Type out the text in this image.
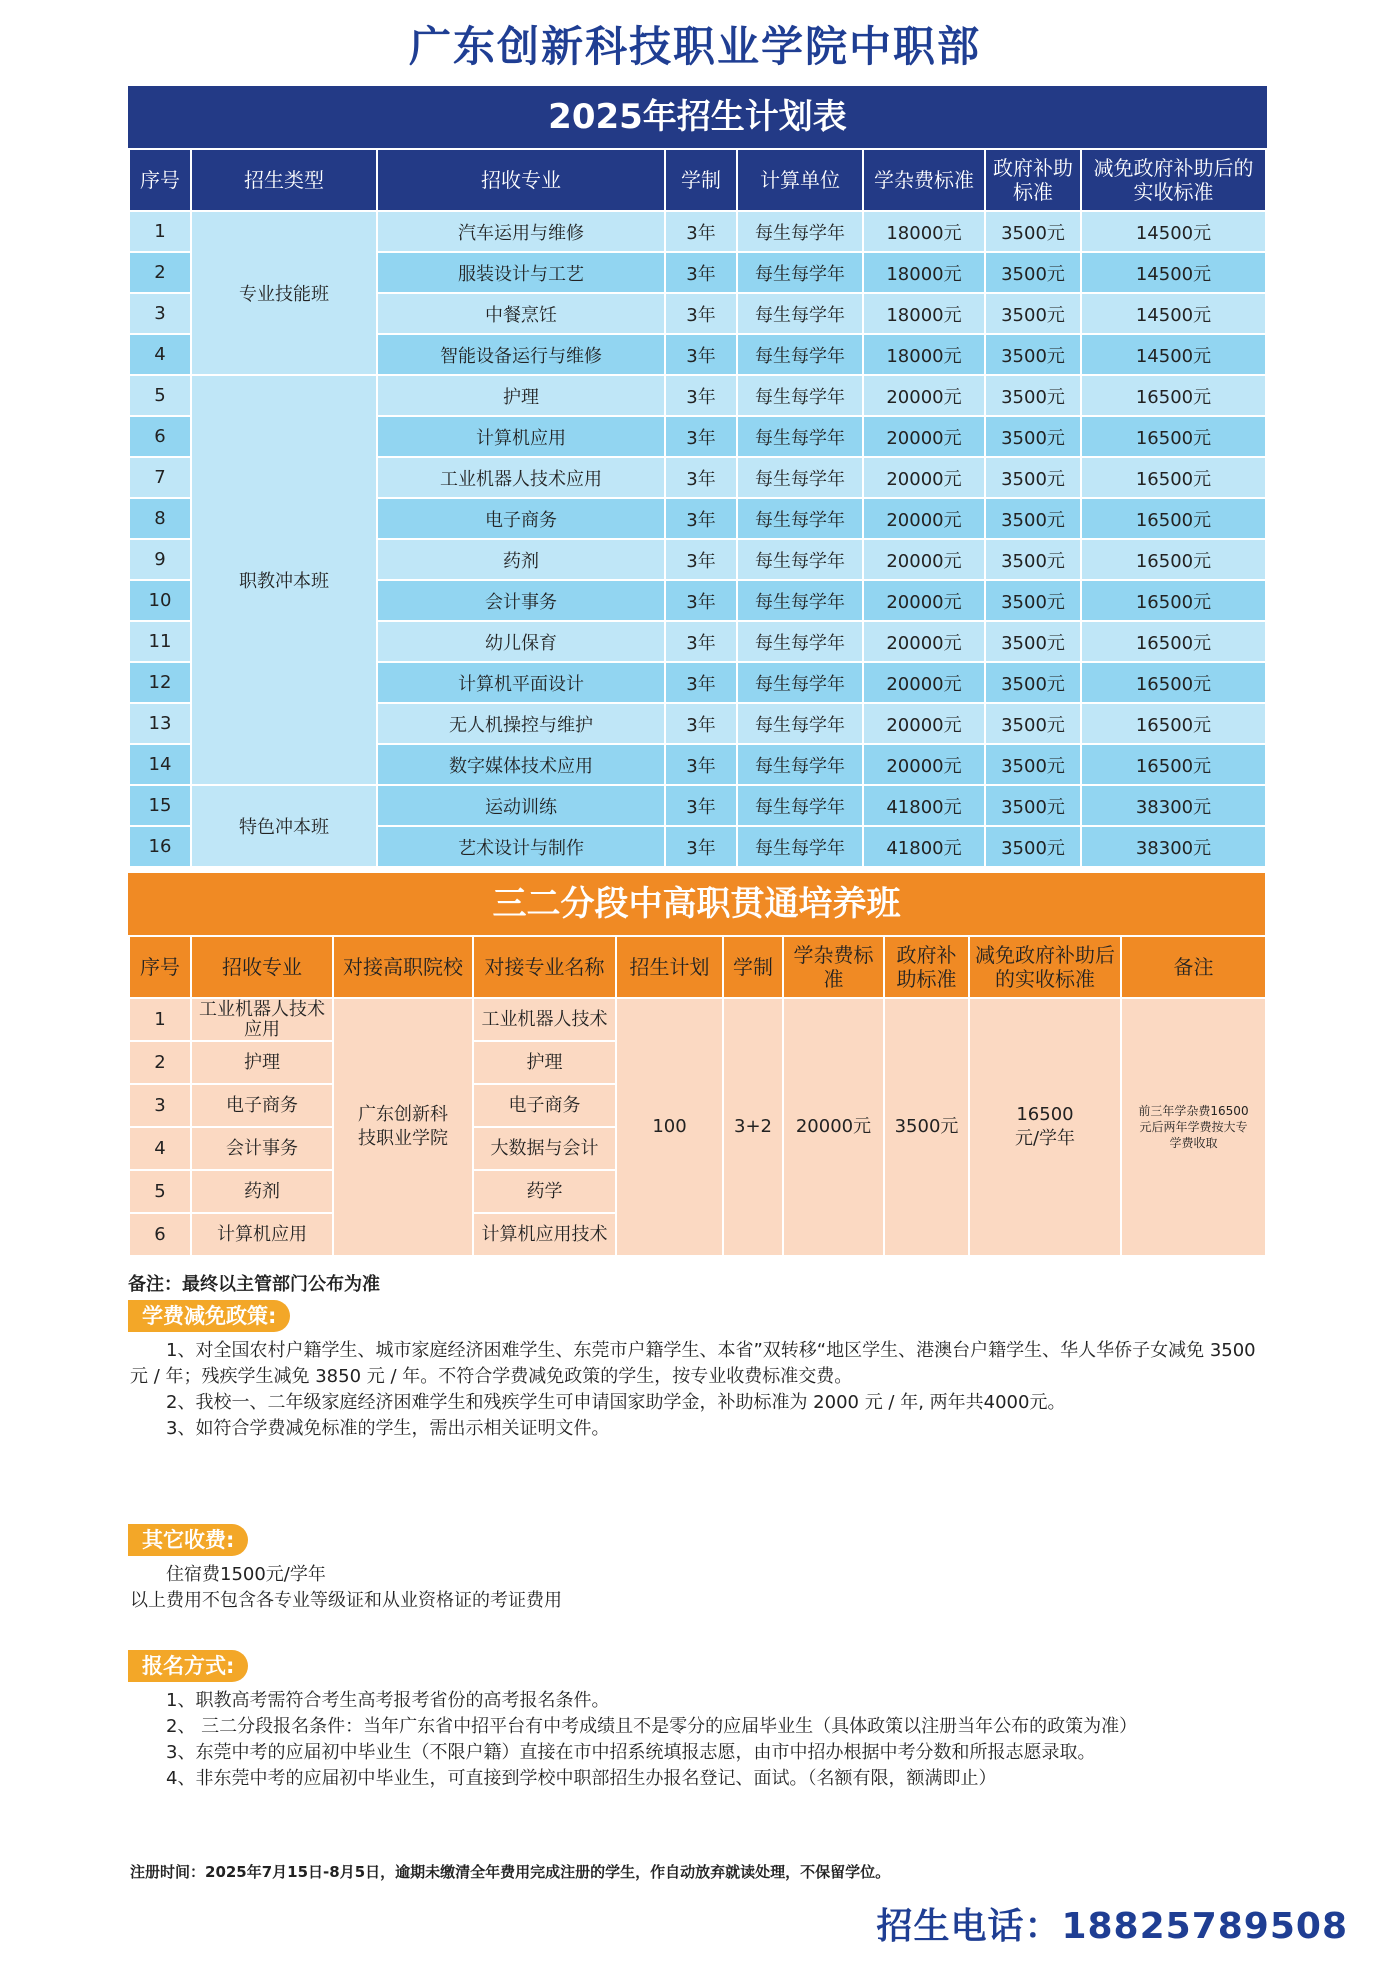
广东创新科技职业学院中职部
2025年招生计划表
序号	招生类型	招收专业	学制	计算单位	学杂费标准	政府补助标准	减免政府补助后的实收标准
1	专业技能班	汽车运用与维修	3年	每生每学年	18000元	3500元	14500元
2		服装设计与工艺	3年	每生每学年	18000元	3500元	14500元
3		中餐烹饪	3年	每生每学年	18000元	3500元	14500元
4		智能设备运行与维修	3年	每生每学年	18000元	3500元	14500元
5	职教冲本班	护理	3年	每生每学年	20000元	3500元	16500元
6		计算机应用	3年	每生每学年	20000元	3500元	16500元
7		工业机器人技术应用	3年	每生每学年	20000元	3500元	16500元
8		电子商务	3年	每生每学年	20000元	3500元	16500元
9		药剂	3年	每生每学年	20000元	3500元	16500元
10		会计事务	3年	每生每学年	20000元	3500元	16500元
11		幼儿保育	3年	每生每学年	20000元	3500元	16500元
12		计算机平面设计	3年	每生每学年	20000元	3500元	16500元
13		无人机操控与维护	3年	每生每学年	20000元	3500元	16500元
14		数字媒体技术应用	3年	每生每学年	20000元	3500元	16500元
15	特色冲本班	运动训练	3年	每生每学年	41800元	3500元	38300元
16		艺术设计与制作	3年	每生每学年	41800元	3500元	38300元
三二分段中高职贯通培养班
序号	招收专业	对接高职院校	对接专业名称	招生计划	学制	学杂费标准	政府补助标准	减免政府补助后的实收标准	备注
1	工业机器人技术应用	广东创新科技职业学院	工业机器人技术	100	3+2	20000元	3500元	16500元/学年	前三年学杂费16500元后两年学费按大专学费收取
2	护理		护理						
3	电子商务		电子商务						
4	会计事务		大数据与会计						
5	药剂		药学						
6	计算机应用		计算机应用技术						
备注：最终以主管部门公布为准
学费减免政策:

1、对全国农村户籍学生、城市家庭经济困难学生、东莞市户籍学生、本省”双转移“地区学生、港澳台户籍学生、华人华侨子女减免 3500 元 / 年；残疾学生减免 3850 元 / 年。不符合学费减免政策的学生，按专业收费标准交费。

2、我校一、二年级家庭经济困难学生和残疾学生可申请国家助学金，补助标准为 2000 元 / 年, 两年共4000元。

3、如符合学费减免标准的学生，需出示相关证明文件。

其它收费:

住宿费1500元/学年

以上费用不包含各专业等级证和从业资格证的考证费用

报名方式:

1、职教高考需符合考生高考报考省份的高考报名条件。

2、 三二分段报名条件：当年广东省中招平台有中考成绩且不是零分的应届毕业生（具体政策以注册当年公布的政策为准）

3、东莞中考的应届初中毕业生（不限户籍）直接在市中招系统填报志愿，由市中招办根据中考分数和所报志愿录取。

4、非东莞中考的应届初中毕业生，可直接到学校中职部招生办报名登记、面试。（名额有限，额满即止）

注册时间：2025年7月15日-8月5日，逾期未缴清全年费用完成注册的学生，作自动放弃就读处理，不保留学位。
招生电话：18825789508
